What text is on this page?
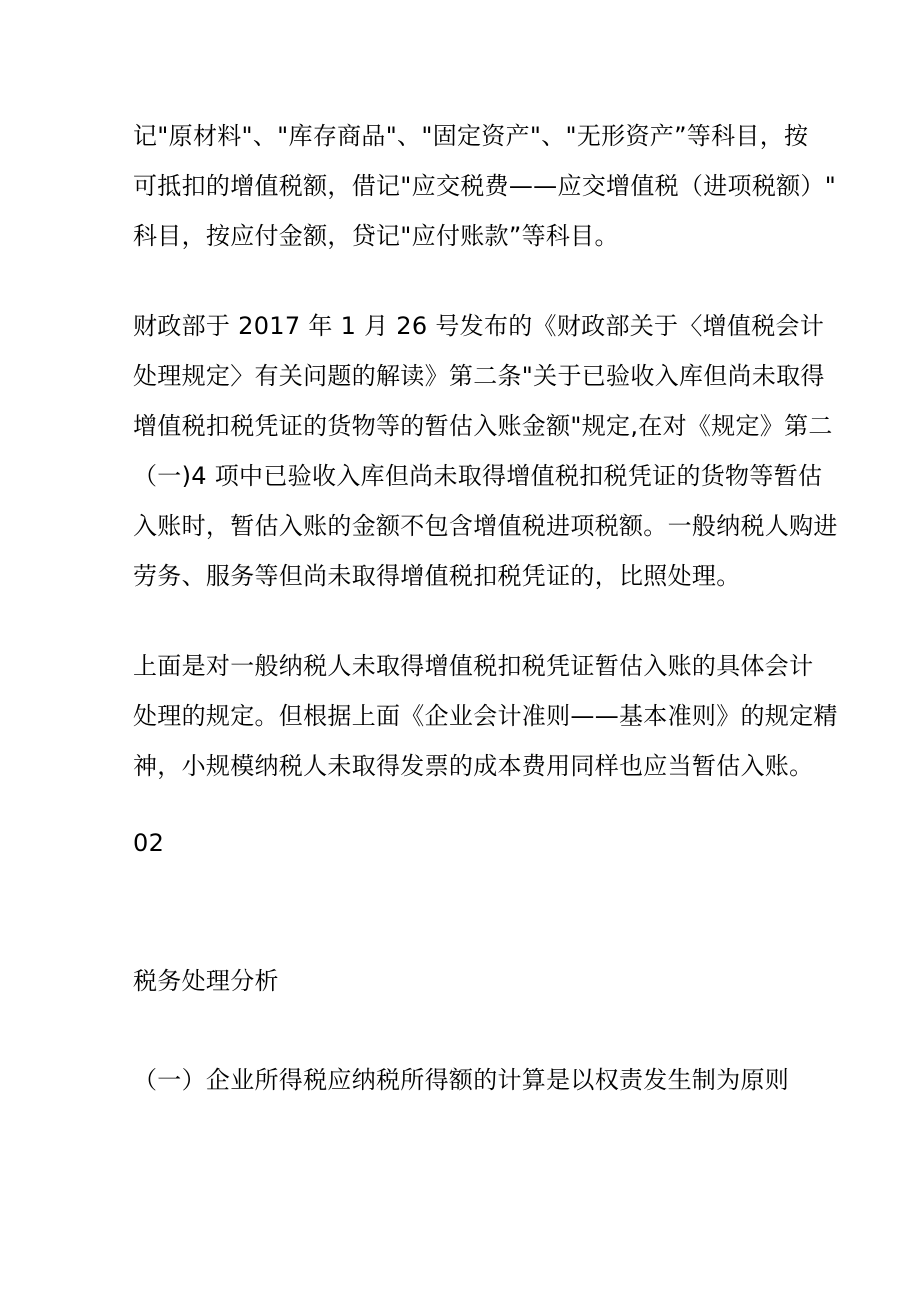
记"原材料"、"库存商品"、"固定资产"、"无形资产”等科目，按
可抵扣的增值税额，借记"应交税费——应交增值税（进项税额）"
科目，按应付金额，贷记"应付账款”等科目。
财政部于 2017 年 1 月 26 号发布的《财政部关于〈增值税会计
处理规定〉有关问题的解读》第二条"关于已验收入库但尚未取得
增值税扣税凭证的货物等的暂估入账金额"规定,在对《规定》第二
（一)4 项中已验收入库但尚未取得增值税扣税凭证的货物等暂估
入账时，暂估入账的金额不包含增值税进项税额。一般纳税人购进
劳务、服务等但尚未取得增值税扣税凭证的，比照处理。
上面是对一般纳税人未取得增值税扣税凭证暂估入账的具体会计
处理的规定。但根据上面《企业会计准则——基本准则》的规定精
神，小规模纳税人未取得发票的成本费用同样也应当暂估入账。
02
税务处理分析
（一）企业所得税应纳税所得额的计算是以权责发生制为原则
